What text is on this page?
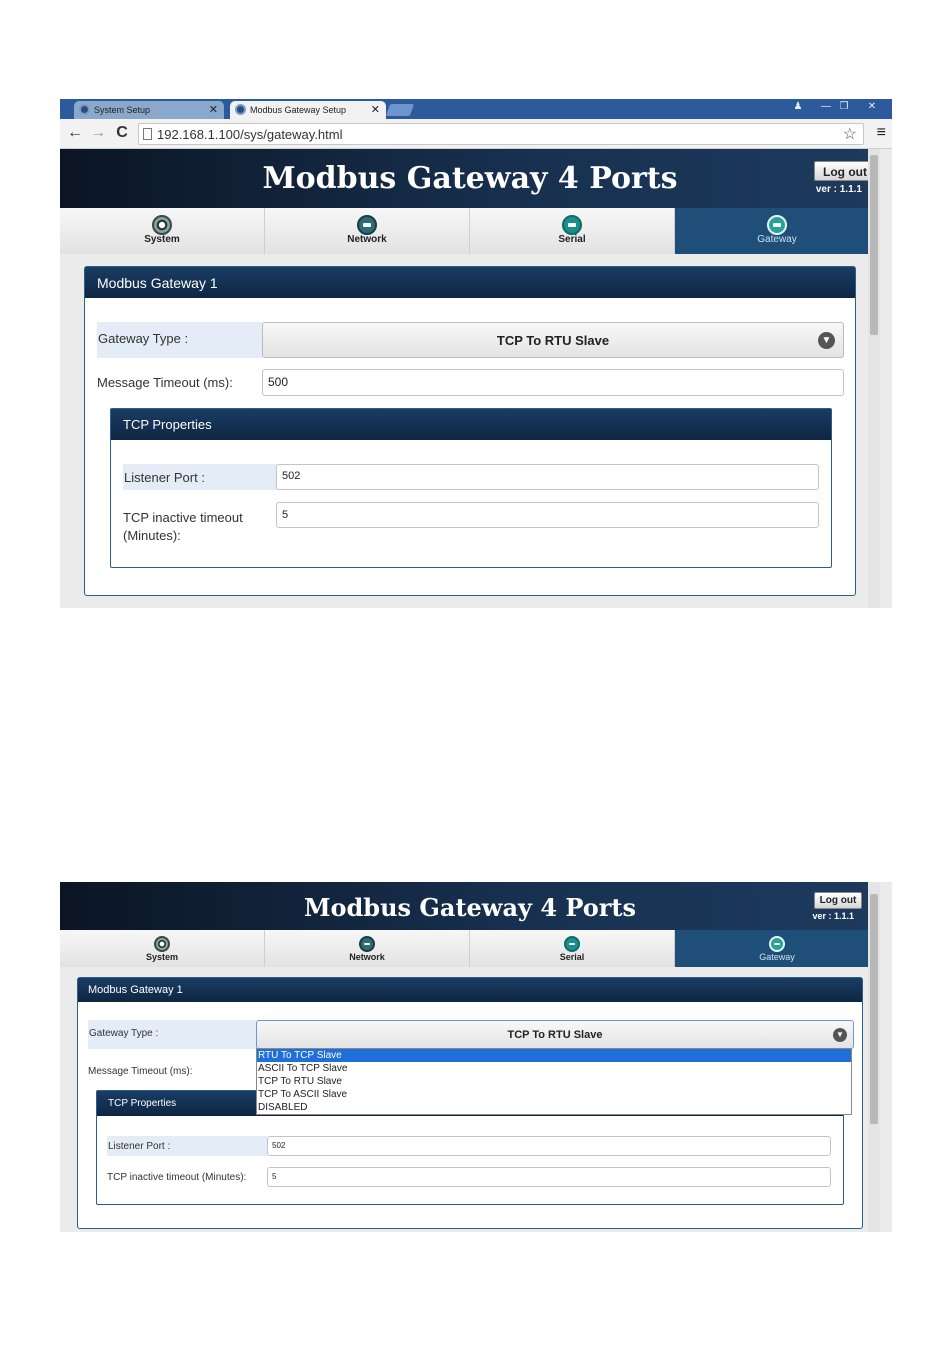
System Setup	✕	Modbus Gateway Setup ✕	♟	— ❐	✕
← → C	192.168.1.100/sys/gateway.html	☆ ≡
Modbus Gateway 4 Ports	Log out
ver : 1.1.1
System	Network	Serial	Gateway
Modbus Gateway 1
Gateway Type :	TCP To RTU Slave	▼
Message Timeout (ms):	500
TCP Properties
Listener Port :	502
TCP inactive timeout (Minutes):
5
Modbus Gateway 4 Ports	Log out
ver : 1.1.1
System	Network	Serial	Gateway
Modbus Gateway 1
Gateway Type :	TCP To RTU Slave	▼
Message Timeout (ms):
TCP Properties
Listener Port :	502
TCP inactive timeout (Minutes):	5
RTU To TCP Slave
ASCII To TCP Slave
TCP To RTU Slave
TCP To ASCII Slave
DISABLED
